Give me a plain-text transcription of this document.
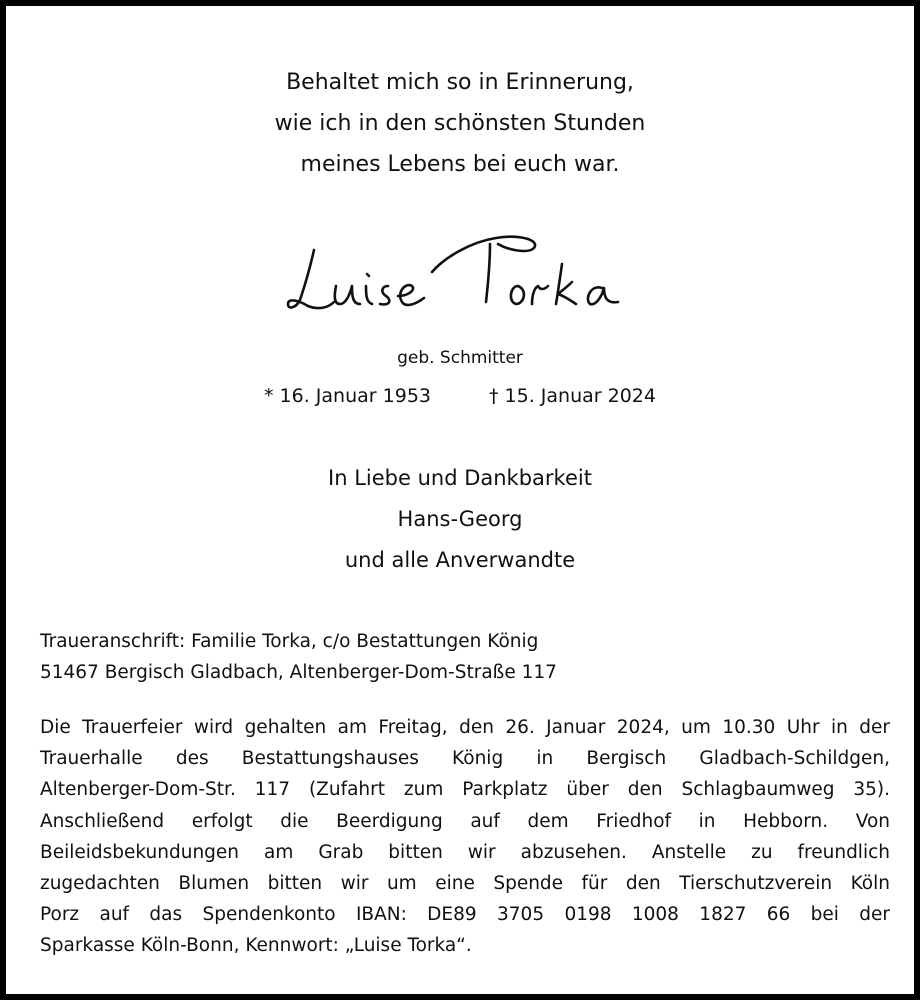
Behaltet mich so in Erinnerung,
wie ich in den schönsten Stunden
meines Lebens bei euch war.
geb. Schmitter
* 16. Januar 1953	† 15. Januar 2024
In Liebe und Dankbarkeit
Hans-Georg
und alle Anverwandte
Traueranschrift: Familie Torka, c/o Bestattungen König
51467 Bergisch Gladbach, Altenberger-Dom-Straße 117
Die Trauerfeier wird gehalten am Freitag, den 26. Januar 2024, um 10.30 Uhr in der
Trauerhalle des Bestattungshauses König in Bergisch Gladbach-Schildgen,
Altenberger-Dom-Str. 117 (Zufahrt zum Parkplatz über den Schlagbaumweg 35).
Anschließend erfolgt die Beerdigung auf dem Friedhof in Hebborn. Von
Beileidsbekundungen am Grab bitten wir abzusehen. Anstelle zu freundlich
zugedachten Blumen bitten wir um eine Spende für den Tierschutzverein Köln
Porz auf das Spendenkonto IBAN: DE89 3705 0198 1008 1827 66 bei der
Sparkasse Köln-Bonn, Kennwort: „Luise Torka“.
